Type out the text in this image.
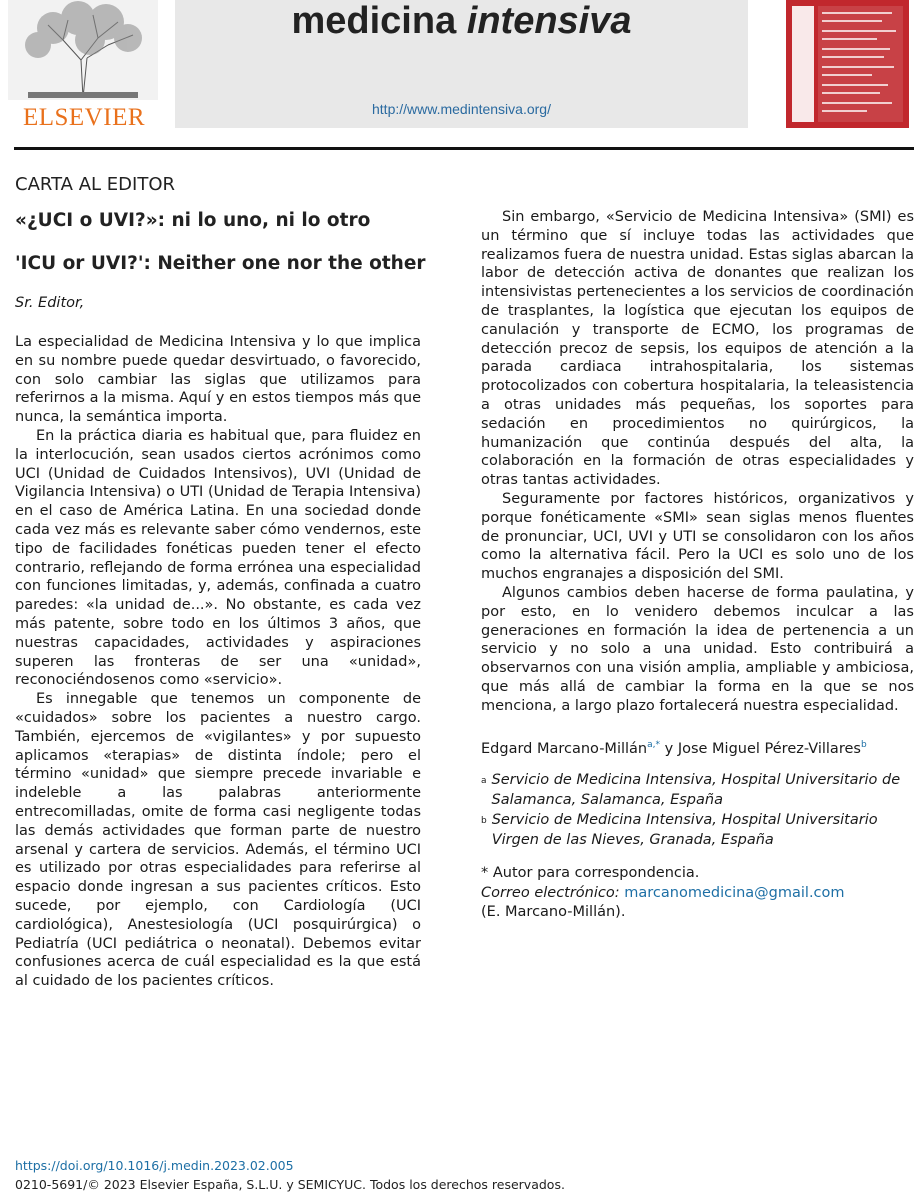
ELSEVIER
medicina intensiva
http://www.medintensiva.org/
CARTA AL EDITOR
«¿UCI o UVI?»: ni lo uno, ni lo otro
'ICU or UVI?': Neither one nor the other
Sr. Editor,

La especialidad de Medicina Intensiva y lo que implica en su nombre puede quedar desvirtuado, o favorecido, con solo cambiar las siglas que utilizamos para referirnos a la misma. Aquí y en estos tiempos más que nunca, la semántica importa.

En la práctica diaria es habitual que, para fluidez en la interlocución, sean usados ciertos acrónimos como UCI (Unidad de Cuidados Intensivos), UVI (Unidad de Vigilancia Intensiva) o UTI (Unidad de Terapia Intensiva) en el caso de América Latina. En una sociedad donde cada vez más es relevante saber cómo vendernos, este tipo de facilidades fonéticas pueden tener el efecto contrario, reflejando de forma errónea una especialidad con funciones limitadas, y, además, confinada a cuatro paredes: «la unidad de...». No obstante, es cada vez más patente, sobre todo en los últimos 3 años, que nuestras capacidades, actividades y aspiraciones superen las fronteras de ser una «unidad», reconociéndosenos como «servicio».

Es innegable que tenemos un componente de «cuidados» sobre los pacientes a nuestro cargo. También, ejercemos de «vigilantes» y por supuesto aplicamos «terapias» de distinta índole; pero el término «unidad» que siempre precede invariable e indeleble a las palabras anteriormente entrecomilladas, omite de forma casi negligente todas las demás actividades que forman parte de nuestro arsenal y cartera de servicios. Además, el término UCI es utilizado por otras especialidades para referirse al espacio donde ingresan a sus pacientes críticos. Esto sucede, por ejemplo, con Cardiología (UCI cardiológica), Anestesiología (UCI posquirúrgica) o Pediatría (UCI pediátrica o neonatal). Debemos evitar confusiones acerca de cuál especialidad es la que está al cuidado de los pacientes críticos.

Sin embargo, «Servicio de Medicina Intensiva» (SMI) es un término que sí incluye todas las actividades que realizamos fuera de nuestra unidad. Estas siglas abarcan la labor de detección activa de donantes que realizan los intensivistas pertenecientes a los servicios de coordinación de trasplantes, la logística que ejecutan los equipos de canulación y transporte de ECMO, los programas de detección precoz de sepsis, los equipos de atención a la parada cardiaca intrahospitalaria, los sistemas protocolizados con cobertura hospitalaria, la teleasistencia a otras unidades más pequeñas, los soportes para sedación en procedimientos no quirúrgicos, la humanización que continúa después del alta, la colaboración en la formación de otras especialidades y otras tantas actividades.

Seguramente por factores históricos, organizativos y porque fonéticamente «SMI» sean siglas menos fluentes de pronunciar, UCI, UVI y UTI se consolidaron con los años como la alternativa fácil. Pero la UCI es solo uno de los muchos engranajes a disposición del SMI.

Algunos cambios deben hacerse de forma paulatina, y por esto, en lo venidero debemos inculcar a las generaciones en formación la idea de pertenencia a un servicio y no solo a una unidad. Esto contribuirá a observarnos con una visión amplia, ampliable y ambiciosa, que más allá de cambiar la forma en la que se nos menciona, a largo plazo fortalecerá nuestra especialidad.

Edgard Marcano-Millán$^{a,*}$ y Jose Miguel Pérez-Villares$^b$
a Servicio de Medicina Intensiva, Hospital Universitario de Salamanca, Salamanca, España
b Servicio de Medicina Intensiva, Hospital Universitario Virgen de las Nieves, Granada, España
* Autor para correspondencia.
Correo electrónico: marcanomedicina@gmail.com
(E. Marcano-Millán).
https://doi.org/10.1016/j.medin.2023.02.005
0210-5691/© 2023 Elsevier España, S.L.U. y SEMICYUC. Todos los derechos reservados.
